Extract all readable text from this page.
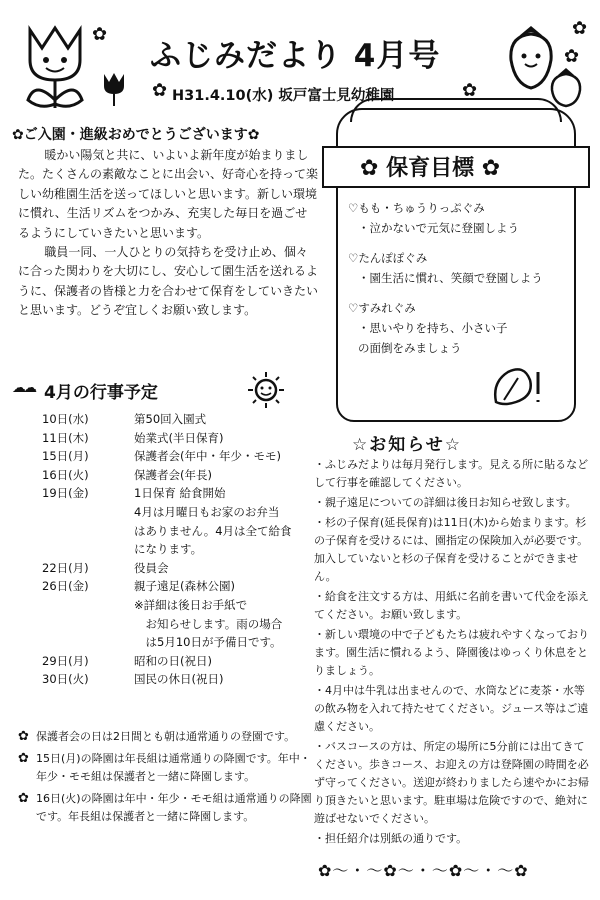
✿	✿
✿
✿	✿
ふじみだより 4月号
H31.4.10(水) 坂戸富士見幼稚園
✿ご入園・進級おめでとうございます✿

暖かい陽気と共に、いよいよ新年度が始まりました。たくさんの素敵なことに出会い、好奇心を持って楽しい幼稚園生活を送ってほしいと思います。新しい環境に慣れ、生活リズムをつかみ、充実した毎日を過ごせるようにしていきたいと思います。

職員一同、一人ひとりの気持ちを受け止め、個々に合った関わりを大切にし、安心して園生活を送れるように、保護者の皆様と力を合わせて保育をしていきたいと思います。どうぞ宜しくお願い致します。

☁☁ 4月の行事予定
10日(水)	第50回入園式
11日(木)	始業式(半日保育)
15日(月)	保護者会(年中・年少・モモ)
16日(火)	保護者会(年長)
19日(金)	1日保育 給食開始
4月は月曜日もお家のお弁当
はありません。4月は全て給食
になります。
22日(月)	役員会
26日(金)	親子遠足(森林公園)
※詳細は後日お手紙で
　お知らせします。雨の場合
　は5月10日が予備日です。
29日(月)	昭和の日(祝日)
30日(火)	国民の休日(祝日)
✿ 保護者会の日は2日間とも朝は通常通りの登園です。
✿ 15日(月)の降園は年長組は通常通りの降園です。年中・年少・モモ組は保護者と一緒に降園します。
✿ 16日(火)の降園は年中・年少・モモ組は通常通りの降園です。年長組は保護者と一緒に降園します。
✿ 保育目標 ✿
♡もも・ちゅうりっぷぐみ
・泣かないで元気に登園しよう
♡たんぽぽぐみ
・園生活に慣れ、笑顔で登園しよう
♡すみれぐみ
・思いやりを持ち、小さい子の面倒をみましょう
☆お知らせ☆
・ふじみだよりは毎月発行します。見える所に貼るなどして行事を確認してください。
・親子遠足についての詳細は後日お知らせ致します。
・杉の子保育(延長保育)は11日(木)から始まります。杉の子保育を受けるには、園指定の保険加入が必要です。加入していないと杉の子保育を受けることができません。
・給食を注文する方は、用紙に名前を書いて代金を添えてください。お願い致します。
・新しい環境の中で子どもたちは疲れやすくなっております。園生活に慣れるよう、降園後はゆっくり休息をとりましょう。
・4月中は牛乳は出ませんので、水筒などに麦茶・水等の飲み物を入れて持たせてください。ジュース等はご遠慮ください。
・バスコースの方は、所定の場所に5分前には出てきてください。歩きコース、お迎えの方は登降園の時間を必ず守ってください。送迎が終わりましたら速やかにお帰り頂きたいと思います。駐車場は危険ですので、絶対に遊ばせないでください。
・担任紹介は別紙の通りです。
✿〜・〜✿〜・〜✿〜・〜✿
